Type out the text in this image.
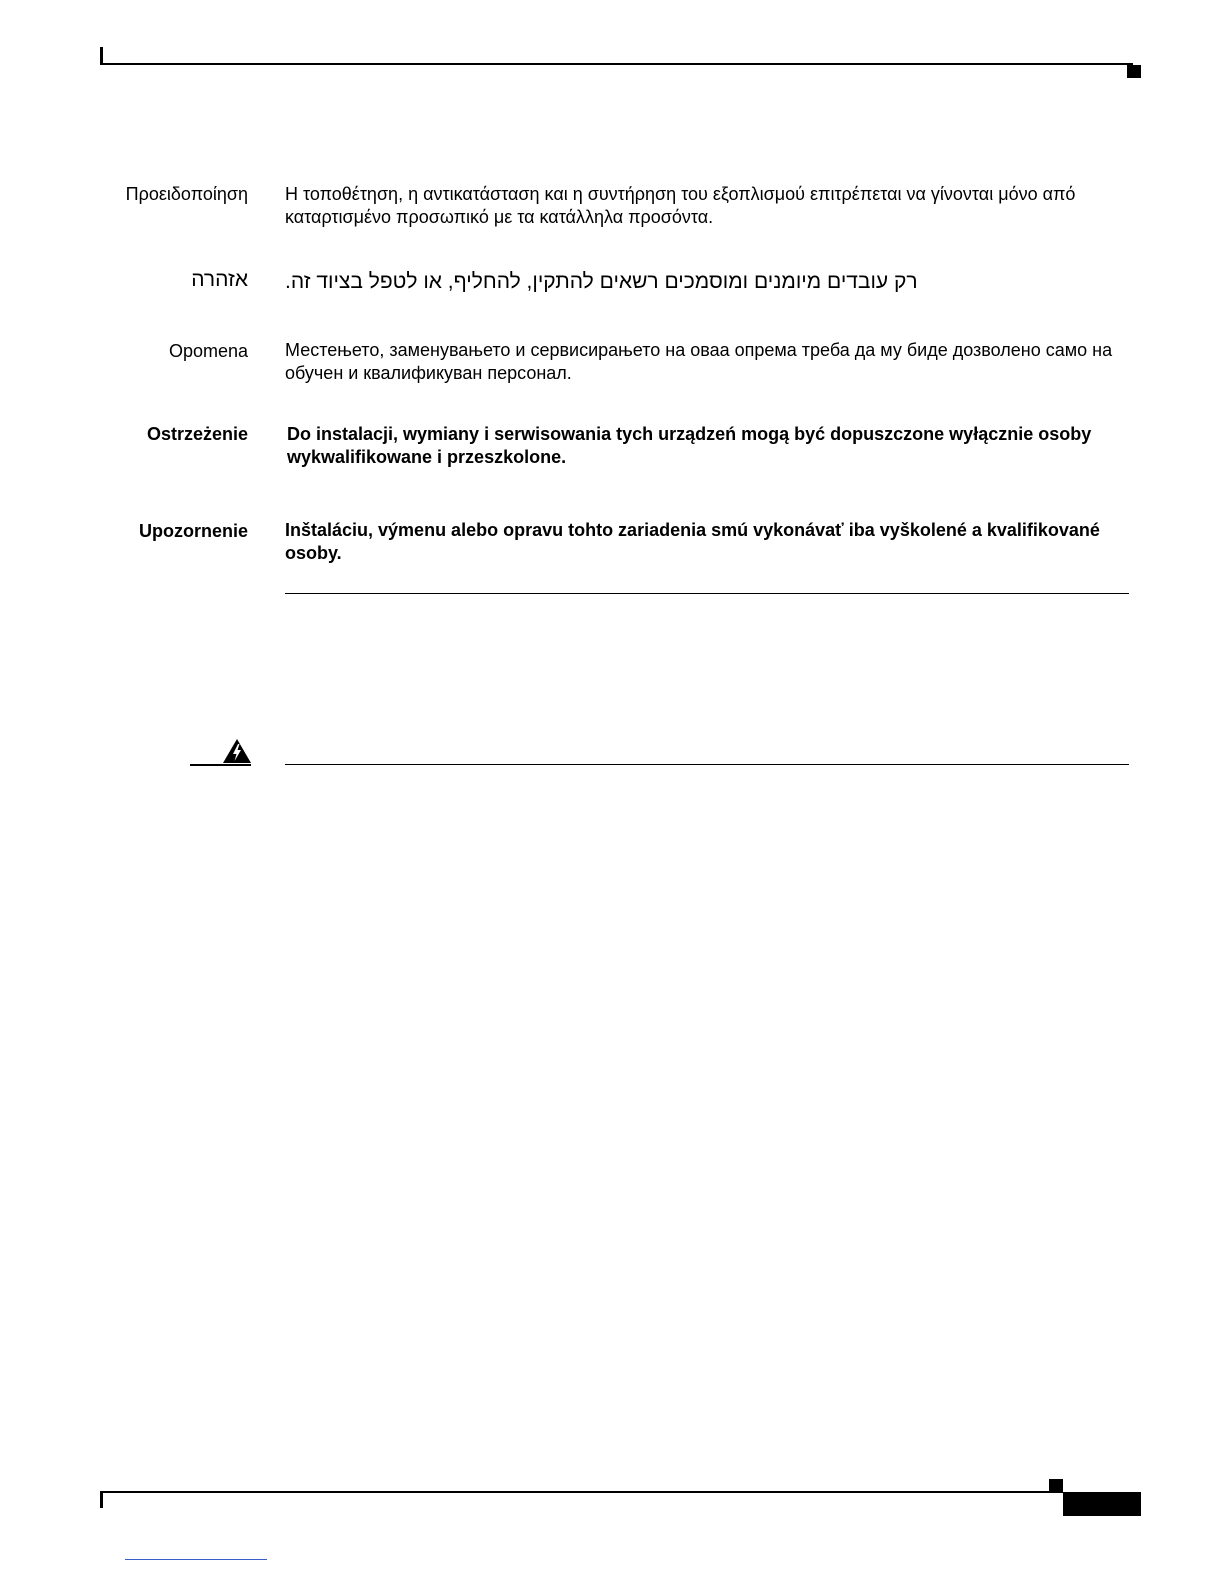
Προειδοποίηση Η τοποθέτηση, η αντικατάσταση και η συντήρηση του εξοπλισμού επιτρέπεται να γίνονται μόνο από καταρτισμένο προσωπικό με τα κατάλληλα προσόντα.
אזהרה רק עובדים מיומנים ומוסמכים רשאים להתקין, להחליף, או לטפל בציוד זה.
Opomena Местењето, заменувањето и сервисирањето на оваа опрема треба да му биде дозволено само на обучен и квалификуван персонал.
Ostrzeżenie Do instalacji, wymiany i serwisowania tych urządzeń mogą być dopuszczone wyłącznie osoby wykwalifikowane i przeszkolone.
Upozornenie Inštaláciu, výmenu alebo opravu tohto zariadenia smú vykonávať iba vyškolené a kvalifikované osoby.
